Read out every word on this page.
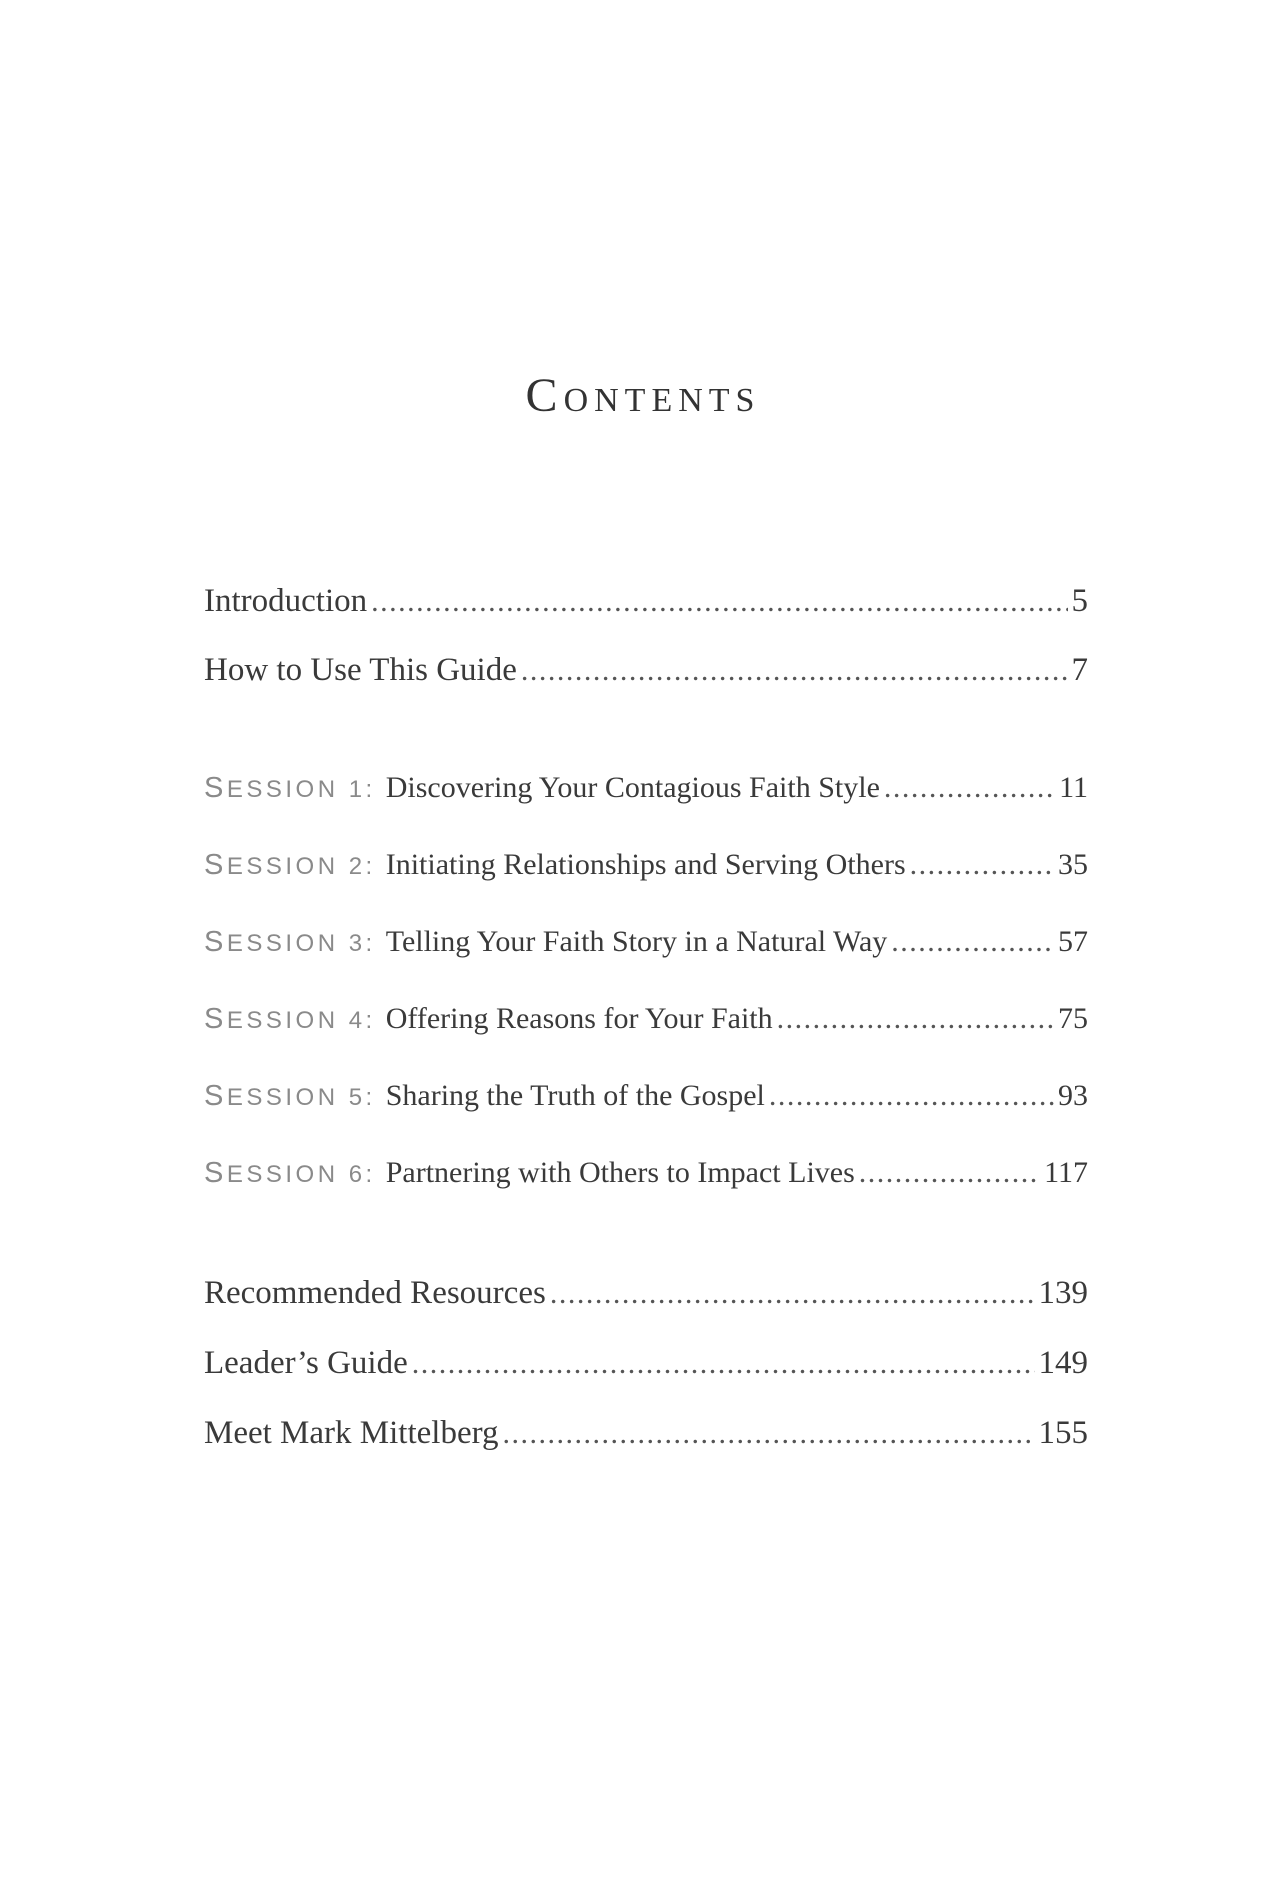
Contents
Introduction . . .	5
How to Use This Guide . . .	7
SESSION 1: Discovering Your Contagious Faith Style . . .	11
SESSION 2: Initiating Relationships and Serving Others . . .	35
SESSION 3: Telling Your Faith Story in a Natural Way . . .	57
SESSION 4: Offering Reasons for Your Faith . . .	75
SESSION 5: Sharing the Truth of the Gospel . . .	93
SESSION 6: Partnering with Others to Impact Lives . . .	117
Recommended Resources . . .	139
Leader’s Guide . . .	149
Meet Mark Mittelberg . . .	155
